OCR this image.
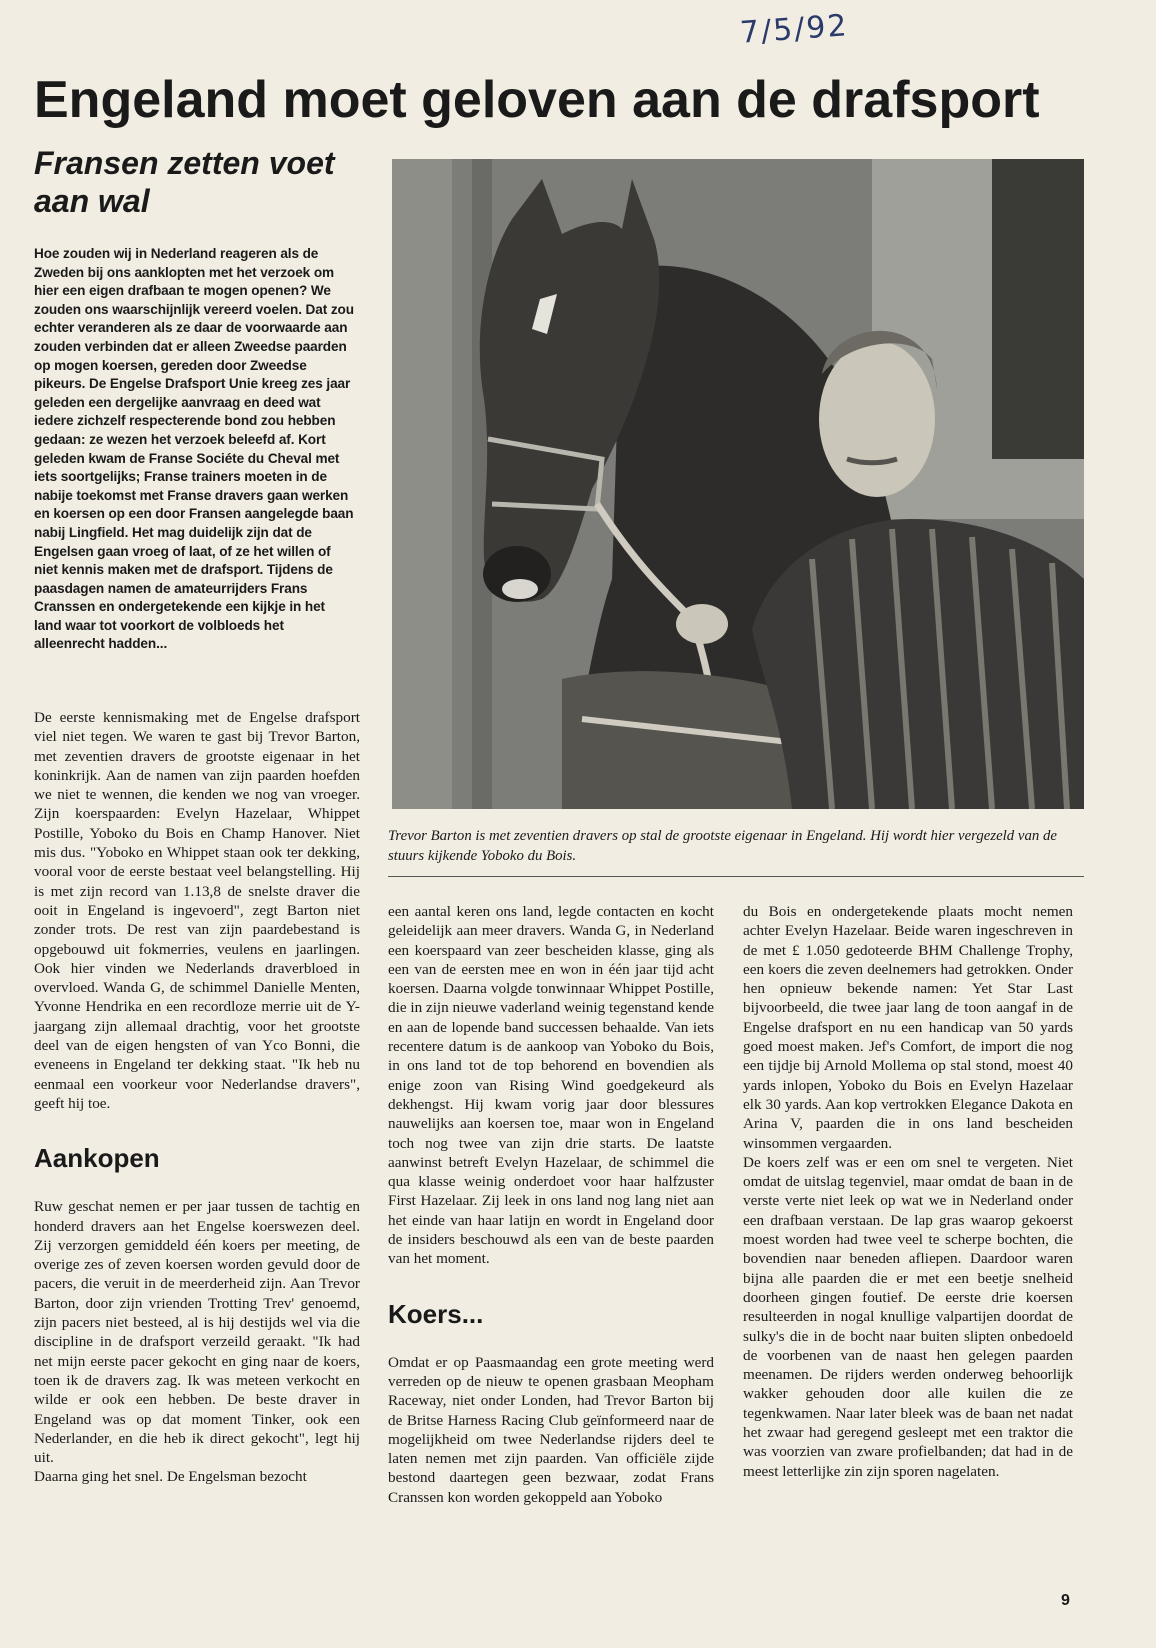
7/5/92
Engeland moet geloven aan de drafsport
Fransen zetten voet aan wal

Hoe zouden wij in Nederland reageren als de Zweden bij ons aanklopten met het verzoek om hier een eigen drafbaan te mogen openen? We zouden ons waarschijnlijk vereerd voelen. Dat zou echter veranderen als ze daar de voorwaarde aan zouden verbinden dat er alleen Zweedse paarden op mogen koersen, gereden door Zweedse pikeurs. De Engelse Drafsport Unie kreeg zes jaar geleden een dergelijke aanvraag en deed wat iedere zichzelf respecterende bond zou hebben gedaan: ze wezen het verzoek beleefd af. Kort geleden kwam de Franse Sociéte du Cheval met iets soortgelijks; Franse trainers moeten in de nabije toekomst met Franse dravers gaan werken en koersen op een door Fransen aangelegde baan nabij Lingfield. Het mag duidelijk zijn dat de Engelsen gaan vroeg of laat, of ze het willen of niet kennis maken met de drafsport. Tijdens de paasdagen namen de amateurrijders Frans Cranssen en ondergetekende een kijkje in het land waar tot voorkort de volbloeds het alleenrecht hadden...

Trevor Barton is met zeventien dravers op stal de grootste eigenaar in Engeland. Hij wordt hier vergezeld van de stuurs kijkende Yoboko du Bois.

De eerste kennismaking met de Engelse drafsport viel niet tegen. We waren te gast bij Trevor Barton, met zeventien dravers de grootste eigenaar in het koninkrijk. Aan de namen van zijn paarden hoefden we niet te wennen, die kenden we nog van vroeger. Zijn koerspaarden: Evelyn Hazelaar, Whippet Postille, Yoboko du Bois en Champ Hanover. Niet mis dus. "Yoboko en Whippet staan ook ter dekking, vooral voor de eerste bestaat veel belangstelling. Hij is met zijn record van 1.13,8 de snelste draver die ooit in Engeland is ingevoerd", zegt Barton niet zonder trots. De rest van zijn paardebestand is opgebouwd uit fokmerries, veulens en jaarlingen. Ook hier vinden we Nederlands draverbloed in overvloed. Wanda G, de schimmel Danielle Menten, Yvonne Hendrika en een recordloze merrie uit de Y-jaargang zijn allemaal drachtig, voor het grootste deel van de eigen hengsten of van Yco Bonni, die eveneens in Engeland ter dekking staat. "Ik heb nu eenmaal een voorkeur voor Nederlandse dravers", geeft hij toe.

Aankopen

Ruw geschat nemen er per jaar tussen de tachtig en honderd dravers aan het Engelse koerswezen deel. Zij verzorgen gemiddeld één koers per meeting, de overige zes of zeven koersen worden gevuld door de pacers, die veruit in de meerderheid zijn. Aan Trevor Barton, door zijn vrienden Trotting Trev' genoemd, zijn pacers niet besteed, al is hij destijds wel via die discipline in de drafsport verzeild geraakt. "Ik had net mijn eerste pacer gekocht en ging naar de koers, toen ik de dravers zag. Ik was meteen verkocht en wilde er ook een hebben. De beste draver in Engeland was op dat moment Tinker, ook een Nederlander, en die heb ik direct gekocht", legt hij uit.

Daarna ging het snel. De Engelsman bezocht

een aantal keren ons land, legde contacten en kocht geleidelijk aan meer dravers. Wanda G, in Nederland een koerspaard van zeer bescheiden klasse, ging als een van de eersten mee en won in één jaar tijd acht koersen. Daarna volgde tonwinnaar Whippet Postille, die in zijn nieuwe vaderland weinig tegenstand kende en aan de lopende band successen behaalde. Van iets recentere datum is de aankoop van Yoboko du Bois, in ons land tot de top behorend en bovendien als enige zoon van Rising Wind goedgekeurd als dekhengst. Hij kwam vorig jaar door blessures nauwelijks aan koersen toe, maar won in Engeland toch nog twee van zijn drie starts. De laatste aanwinst betreft Evelyn Hazelaar, de schimmel die qua klasse weinig onderdoet voor haar halfzuster First Hazelaar. Zij leek in ons land nog lang niet aan het einde van haar latijn en wordt in Engeland door de insiders beschouwd als een van de beste paarden van het moment.

Koers...

Omdat er op Paasmaandag een grote meeting werd verreden op de nieuw te openen grasbaan Meopham Raceway, niet onder Londen, had Trevor Barton bij de Britse Harness Racing Club geïnformeerd naar de mogelijkheid om twee Nederlandse rijders deel te laten nemen met zijn paarden. Van officiële zijde bestond daartegen geen bezwaar, zodat Frans Cranssen kon worden gekoppeld aan Yoboko

du Bois en ondergetekende plaats mocht nemen achter Evelyn Hazelaar. Beide waren ingeschreven in de met £ 1.050 gedoteerde BHM Challenge Trophy, een koers die zeven deelnemers had getrokken. Onder hen opnieuw bekende namen: Yet Star Last bijvoorbeeld, die twee jaar lang de toon aangaf in de Engelse drafsport en nu een handicap van 50 yards goed moest maken. Jef's Comfort, de import die nog een tijdje bij Arnold Mollema op stal stond, moest 40 yards inlopen, Yoboko du Bois en Evelyn Hazelaar elk 30 yards. Aan kop vertrokken Elegance Dakota en Arina V, paarden die in ons land bescheiden winsommen vergaarden.

De koers zelf was er een om snel te vergeten. Niet omdat de uitslag tegenviel, maar omdat de baan in de verste verte niet leek op wat we in Nederland onder een drafbaan verstaan. De lap gras waarop gekoerst moest worden had twee veel te scherpe bochten, die bovendien naar beneden afliepen. Daardoor waren bijna alle paarden die er met een beetje snelheid doorheen gingen foutief. De eerste drie koersen resulteerden in nogal knullige valpartijen doordat de sulky's die in de bocht naar buiten slipten onbedoeld de voorbenen van de naast hen gelegen paarden meenamen. De rijders werden onderweg behoorlijk wakker gehouden door alle kuilen die ze tegenkwamen. Naar later bleek was de baan net nadat het zwaar had geregend gesleept met een traktor die was voorzien van zware profielbanden; dat had in de meest letterlijke zin zijn sporen nagelaten.

9
